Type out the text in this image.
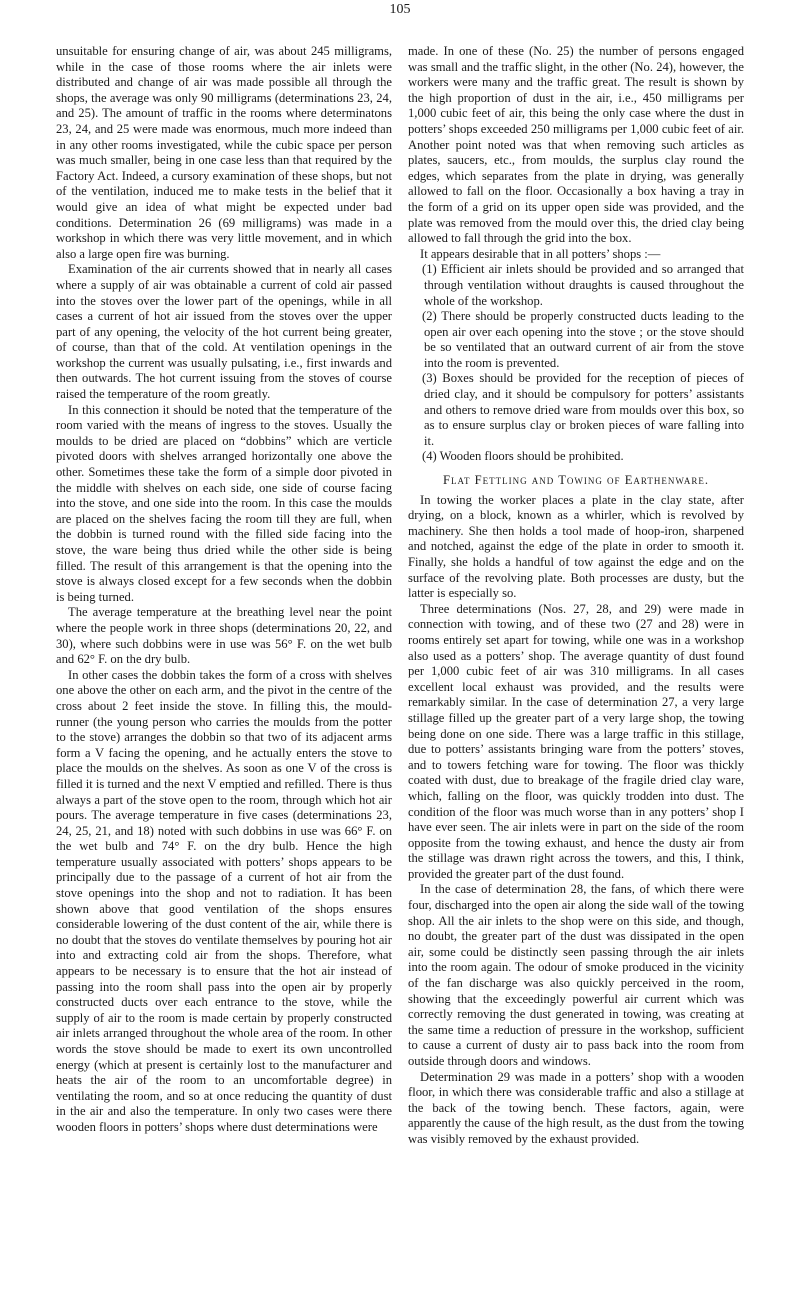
105

unsuitable for ensuring change of air, was about 245 milligrams, while in the case of those rooms where the air inlets were distributed and change of air was made possible all through the shops, the average was only 90 milligrams (determinations 23, 24, and 25). The amount of traffic in the rooms where determinatons 23, 24, and 25 were made was enormous, much more indeed than in any other rooms investigated, while the cubic space per person was much smaller, being in one case less than that required by the Factory Act. Indeed, a cursory examination of these shops, but not of the ventilation, induced me to make tests in the belief that it would give an idea of what might be expected under bad conditions. Determination 26 (69 milligrams) was made in a workshop in which there was very little movement, and in which also a large open fire was burning.

Examination of the air currents showed that in nearly all cases where a supply of air was obtainable a current of cold air passed into the stoves over the lower part of the openings, while in all cases a current of hot air issued from the stoves over the upper part of any opening, the velocity of the hot current being greater, of course, than that of the cold. At ventilation openings in the workshop the current was usually pulsating, i.e., first inwards and then outwards. The hot current issuing from the stoves of course raised the temperature of the room greatly.

In this connection it should be noted that the temperature of the room varied with the means of ingress to the stoves. Usually the moulds to be dried are placed on “dobbins” which are verticle pivoted doors with shelves arranged horizontally one above the other. Sometimes these take the form of a simple door pivoted in the middle with shelves on each side, one side of course facing into the stove, and one side into the room. In this case the moulds are placed on the shelves facing the room till they are full, when the dobbin is turned round with the filled side facing into the stove, the ware being thus dried while the other side is being filled. The result of this arrangement is that the opening into the stove is always closed except for a few seconds when the dobbin is being turned.

The average temperature at the breathing level near the point where the people work in three shops (determinations 20, 22, and 30), where such dobbins were in use was 56° F. on the wet bulb and 62° F. on the dry bulb.

In other cases the dobbin takes the form of a cross with shelves one above the other on each arm, and the pivot in the centre of the cross about 2 feet inside the stove. In filling this, the mould-runner (the young person who carries the moulds from the potter to the stove) arranges the dobbin so that two of its adjacent arms form a V facing the opening, and he actually enters the stove to place the moulds on the shelves. As soon as one V of the cross is filled it is turned and the next V emptied and refilled. There is thus always a part of the stove open to the room, through which hot air pours. The average temperature in five cases (determinations 23, 24, 25, 21, and 18) noted with such dobbins in use was 66° F. on the wet bulb and 74° F. on the dry bulb. Hence the high temperature usually associated with potters’ shops appears to be principally due to the passage of a current of hot air from the stove openings into the shop and not to radiation. It has been shown above that good ventilation of the shops ensures considerable lowering of the dust content of the air, while there is no doubt that the stoves do ventilate themselves by pouring hot air into and extracting cold air from the shops. Therefore, what appears to be necessary is to ensure that the hot air instead of passing into the room shall pass into the open air by properly constructed ducts over each entrance to the stove, while the supply of air to the room is made certain by properly constructed air inlets arranged throughout the whole area of the room. In other words the stove should be made to exert its own uncontrolled energy (which at present is certainly lost to the manufacturer and heats the air of the room to an uncomfortable degree) in ventilating the room, and so at once reducing the quantity of dust in the air and also the temperature. In only two cases were there wooden floors in potters’ shops where dust determinations were

made. In one of these (No. 25) the number of persons engaged was small and the traffic slight, in the other (No. 24), however, the workers were many and the traffic great. The result is shown by the high proportion of dust in the air, i.e., 450 milligrams per 1,000 cubic feet of air, this being the only case where the dust in potters’ shops exceeded 250 milligrams per 1,000 cubic feet of air. Another point noted was that when removing such articles as plates, saucers, etc., from moulds, the surplus clay round the edges, which separates from the plate in drying, was generally allowed to fall on the floor. Occasionally a box having a tray in the form of a grid on its upper open side was provided, and the plate was removed from the mould over this, the dried clay being allowed to fall through the grid into the box.

It appears desirable that in all potters’ shops :—

(1) Efficient air inlets should be provided and so arranged that through ventilation without draughts is caused throughout the whole of the workshop.

(2) There should be properly constructed ducts leading to the open air over each opening into the stove ; or the stove should be so ventilated that an outward current of air from the stove into the room is prevented.

(3) Boxes should be provided for the reception of pieces of dried clay, and it should be compulsory for potters’ assistants and others to remove dried ware from moulds over this box, so as to ensure surplus clay or broken pieces of ware falling into it.

(4) Wooden floors should be prohibited.

Flat Fettling and Towing of Earthenware.

In towing the worker places a plate in the clay state, after drying, on a block, known as a whirler, which is revolved by machinery. She then holds a tool made of hoop-iron, sharpened and notched, against the edge of the plate in order to smooth it. Finally, she holds a handful of tow against the edge and on the surface of the revolving plate. Both processes are dusty, but the latter is especially so.

Three determinations (Nos. 27, 28, and 29) were made in connection with towing, and of these two (27 and 28) were in rooms entirely set apart for towing, while one was in a workshop also used as a potters’ shop. The average quantity of dust found per 1,000 cubic feet of air was 310 milligrams. In all cases excellent local exhaust was provided, and the results were remarkably similar. In the case of determination 27, a very large stillage filled up the greater part of a very large shop, the towing being done on one side. There was a large traffic in this stillage, due to potters’ assistants bringing ware from the potters’ stoves, and to towers fetching ware for towing. The floor was thickly coated with dust, due to breakage of the fragile dried clay ware, which, falling on the floor, was quickly trodden into dust. The condition of the floor was much worse than in any potters’ shop I have ever seen. The air inlets were in part on the side of the room opposite from the towing exhaust, and hence the dusty air from the stillage was drawn right across the towers, and this, I think, provided the greater part of the dust found.

In the case of determination 28, the fans, of which there were four, discharged into the open air along the side wall of the towing shop. All the air inlets to the shop were on this side, and though, no doubt, the greater part of the dust was dissipated in the open air, some could be distinctly seen passing through the air inlets into the room again. The odour of smoke produced in the vicinity of the fan discharge was also quickly perceived in the room, showing that the exceedingly powerful air current which was correctly removing the dust generated in towing, was creating at the same time a reduction of pressure in the workshop, sufficient to cause a current of dusty air to pass back into the room from outside through doors and windows.

Determination 29 was made in a potters’ shop with a wooden floor, in which there was considerable traffic and also a stillage at the back of the towing bench. These factors, again, were apparently the cause of the high result, as the dust from the towing was visibly removed by the exhaust provided.
